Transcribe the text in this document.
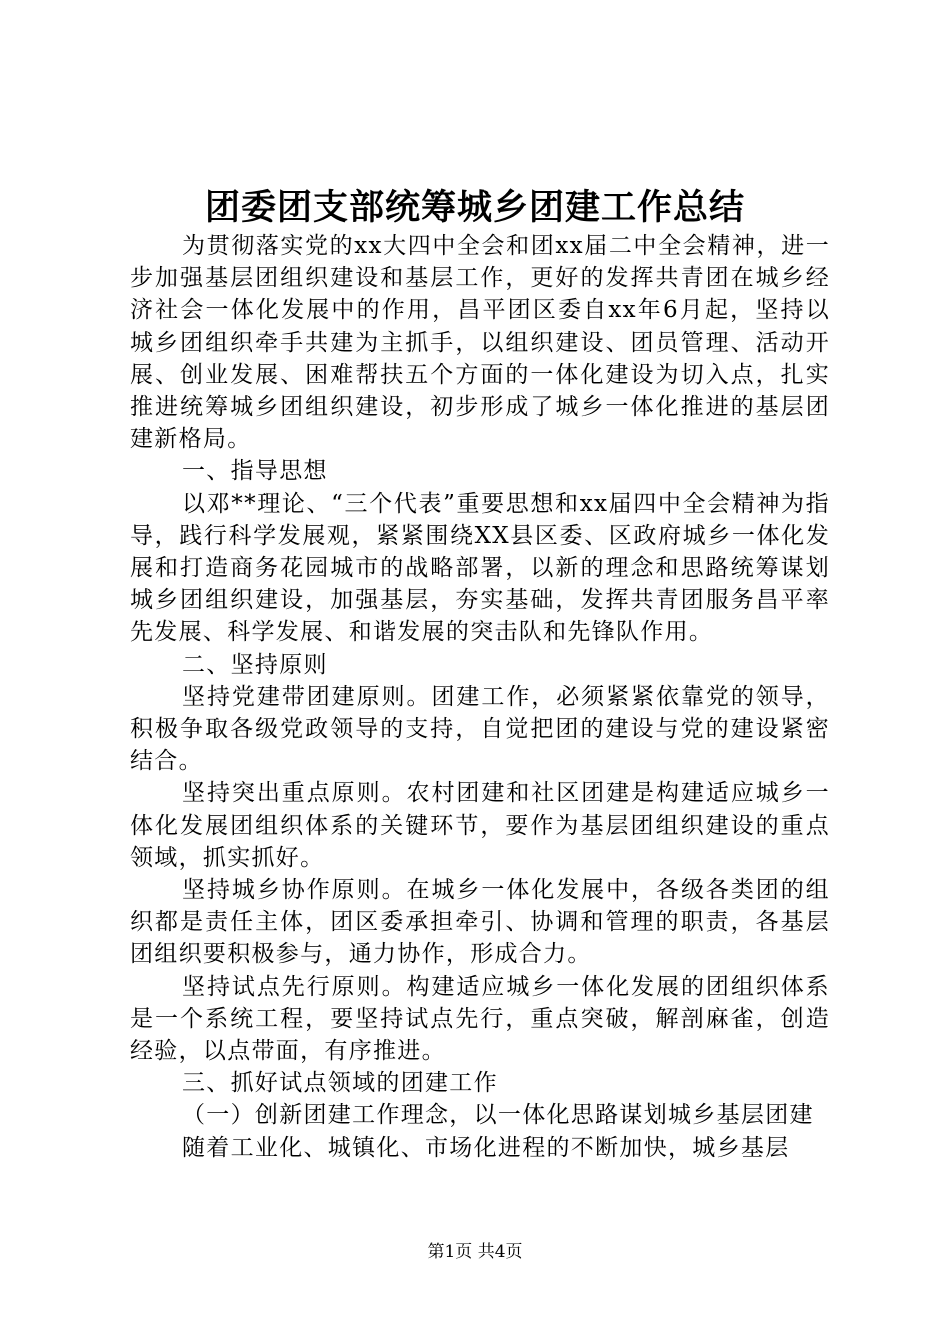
团委团支部统筹城乡团建工作总结

为贯彻落实党的xx大四中全会和团xx届二中全会精神，进一步加强基层团组织建设和基层工作，更好的发挥共青团在城乡经济社会一体化发展中的作用，昌平团区委自xx年6月起，坚持以城乡团组织牵手共建为主抓手，以组织建设、团员管理、活动开展、创业发展、困难帮扶五个方面的一体化建设为切入点，扎实推进统筹城乡团组织建设，初步形成了城乡一体化推进的基层团建新格局。

一、指导思想

以邓**理论、“三个代表”重要思想和xx届四中全会精神为指导，践行科学发展观，紧紧围绕XX县区委、区政府城乡一体化发展和打造商务花园城市的战略部署，以新的理念和思路统筹谋划城乡团组织建设，加强基层，夯实基础，发挥共青团服务昌平率先发展、科学发展、和谐发展的突击队和先锋队作用。

二、坚持原则

坚持党建带团建原则。团建工作，必须紧紧依靠党的领导，积极争取各级党政领导的支持，自觉把团的建设与党的建设紧密结合。

坚持突出重点原则。农村团建和社区团建是构建适应城乡一体化发展团组织体系的关键环节，要作为基层团组织建设的重点领域，抓实抓好。

坚持城乡协作原则。在城乡一体化发展中，各级各类团的组织都是责任主体，团区委承担牵引、协调和管理的职责，各基层团组织要积极参与，通力协作，形成合力。

坚持试点先行原则。构建适应城乡一体化发展的团组织体系是一个系统工程，要坚持试点先行，重点突破，解剖麻雀，创造经验，以点带面，有序推进。

三、抓好试点领域的团建工作

（一）创新团建工作理念，以一体化思路谋划城乡基层团建

随着工业化、城镇化、市场化进程的不断加快，城乡基层

第1页 共4页
